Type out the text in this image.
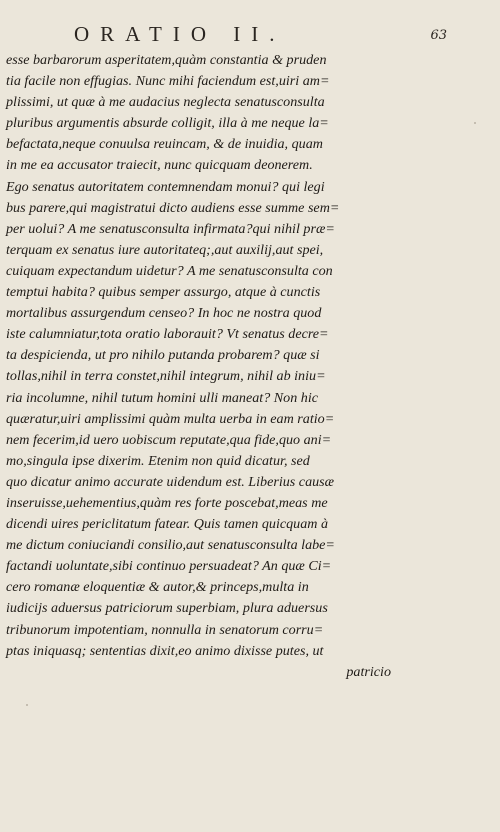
ORATIO II.	63
esse barbarorum asperitatem,quàm constantia & pruden
tia facile non effugias. Nunc mihi faciendum est,uiri am=
plissimi, ut quæ à me audacius neglecta senatusconsulta
pluribus argumentis absurde colligit, illa à me neque la=
befactata,neque conuulsa reuincam, & de inuidia, quam
in me ea accusator traiecit, nunc quicquam deonerem.
Ego senatus autoritatem contemnendam monui? qui legi
bus parere,qui magistratui dicto audiens esse summe sem=
per uolui? A me senatusconsulta infirmata?qui nihil præ=
terquam ex senatus iure autoritateq;,aut auxilij,aut spei,
cuiquam expectandum uidetur? A me senatusconsulta con
temptui habita? quibus semper assurgo, atque à cunctis
mortalibus assurgendum censeo? In hoc ne nostra quod
iste calumniatur,tota oratio laborauit? Vt senatus decre=
ta despicienda, ut pro nihilo putanda probarem? quæ si
tollas,nihil in terra constet,nihil integrum, nihil ab iniu=
ria incolumne, nihil tutum homini ulli maneat? Non hic
quæratur,uiri amplissimi quàm multa uerba in eam ratio=
nem fecerim,id uero uobiscum reputate,qua fide,quo ani=
mo,singula ipse dixerim. Etenim non quid dicatur, sed
quo dicatur animo accurate uidendum est. Liberius causæ
inseruisse,uehementius,quàm res forte poscebat,meas me
dicendi uires periclitatum fatear. Quis tamen quicquam à
me dictum coniuciandi consilio,aut senatusconsulta labe=
factandi uoluntate,sibi continuo persuadeat? An quæ Ci=
cero romanæ eloquentiæ & autor,& princeps,multa in
iudicijs aduersus patriciorum superbiam, plura aduersus
tribunorum impotentiam, nonnulla in senatorum corru=
ptas iniquasq; sententias dixit,eo animo dixisse putes, ut
patricio
